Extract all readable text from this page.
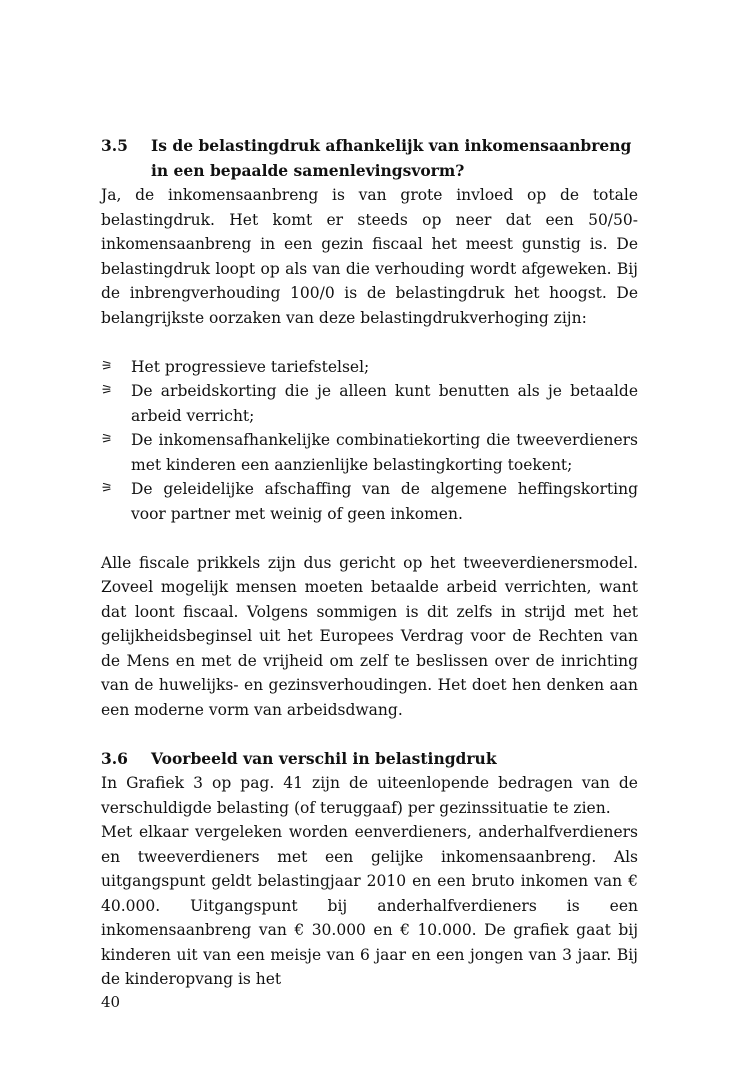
3.5	Is de belastingdruk afhankelijk van inkomensaanbreng in een bepaalde samenlevingsvorm?

Ja, de inkomensaanbreng is van grote invloed op de totale belastingdruk. Het komt er steeds op neer dat een 50/50-inkomensaanbreng in een gezin fiscaal het meest gunstig is. De belastingdruk loopt op als van die verhouding wordt afgeweken. Bij de inbrengverhouding 100/0 is de belastingdruk het hoogst. De belangrijkste oorzaken van deze belastingdrukverhoging zijn:

⚞	Het progressieve tariefstelsel;
⚞	De arbeidskorting die je alleen kunt benutten als je betaalde arbeid verricht;
⚞	De inkomensafhankelijke combinatiekorting die tweeverdieners met kinderen een aanzienlijke belastingkorting toekent;
⚞	De geleidelijke afschaffing van de algemene heffingskorting voor partner met weinig of geen inkomen.

Alle fiscale prikkels zijn dus gericht op het tweeverdienersmodel. Zoveel mogelijk mensen moeten betaalde arbeid verrichten, want dat loont fiscaal. Volgens sommigen is dit zelfs in strijd met het gelijkheidsbeginsel uit het Europees Verdrag voor de Rechten van de Mens en met de vrijheid om zelf te beslissen over de inrichting van de huwelijks- en gezinsverhoudingen. Het doet hen denken aan een moderne vorm van arbeidsdwang.

3.6	Voorbeeld van verschil in belastingdruk

In Grafiek 3 op pag. 41 zijn de uiteenlopende bedragen van de verschuldigde belasting (of teruggaaf) per gezinssituatie te zien.

Met elkaar vergeleken worden eenverdieners, anderhalfverdieners en tweeverdieners met een gelijke inkomensaanbreng. Als uitgangspunt geldt belastingjaar 2010 en een bruto inkomen van € 40.000. Uitgangspunt bij anderhalfverdieners is een inkomensaanbreng van € 30.000 en € 10.000. De grafiek gaat bij kinderen uit van een meisje van 6 jaar en een jongen van 3 jaar. Bij de kinderopvang is het

40
